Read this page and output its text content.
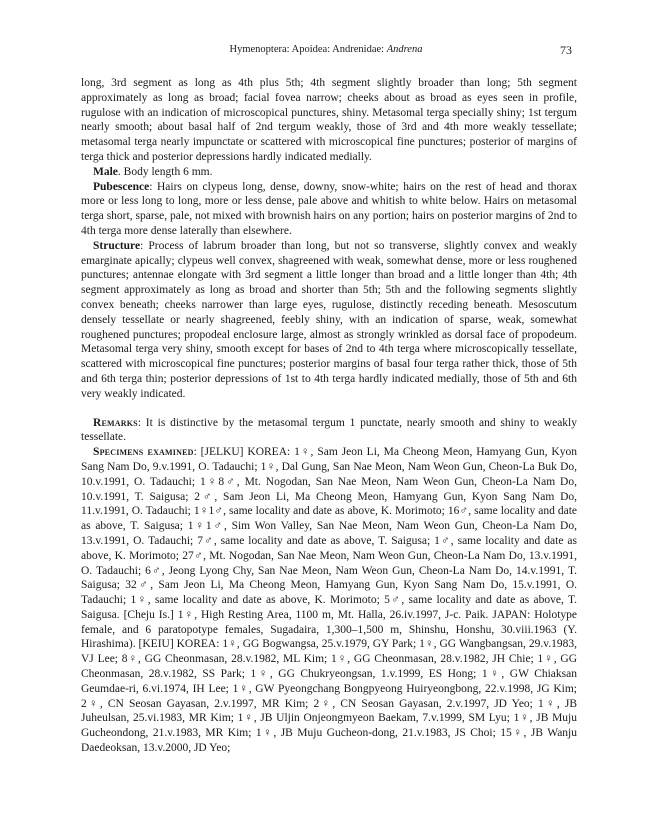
Hymenoptera: Apoidea: Andrenidae: Andrena	73

long, 3rd segment as long as 4th plus 5th; 4th segment slightly broader than long; 5th segment approximately as long as broad; facial fovea narrow; cheeks about as broad as eyes seen in profile, rugulose with an indication of microscopical punctures, shiny. Metasomal terga specially shiny; 1st tergum nearly smooth; about basal half of 2nd tergum weakly, those of 3rd and 4th more weakly tessellate; metasomal terga nearly impunctate or scattered with microscopical fine punctures; posterior of margins of terga thick and posterior depressions hardly indicated medially.

Male. Body length 6 mm.

Pubescence: Hairs on clypeus long, dense, downy, snow-white; hairs on the rest of head and thorax more or less long to long, more or less dense, pale above and whitish to white below. Hairs on metasomal terga short, sparse, pale, not mixed with brownish hairs on any portion; hairs on posterior margins of 2nd to 4th terga more dense laterally than elsewhere.

Structure: Process of labrum broader than long, but not so transverse, slightly convex and weakly emarginate apically; clypeus well convex, shagreened with weak, somewhat dense, more or less roughened punctures; antennae elongate with 3rd segment a little longer than broad and a little longer than 4th; 4th segment approximately as long as broad and shorter than 5th; 5th and the following segments slightly convex beneath; cheeks narrower than large eyes, rugulose, distinctly receding beneath. Mesoscutum densely tessellate or nearly shagreened, feebly shiny, with an indication of sparse, weak, somewhat roughened punctures; propodeal enclosure large, almost as strongly wrinkled as dorsal face of propodeum. Metasomal terga very shiny, smooth except for bases of 2nd to 4th terga where microscopically tessellate, scattered with microscopical fine punctures; posterior margins of basal four terga rather thick, those of 5th and 6th terga thin; posterior depressions of 1st to 4th terga hardly indicated medially, those of 5th and 6th very weakly indicated.

Remarks: It is distinctive by the metasomal tergum 1 punctate, nearly smooth and shiny to weakly tessellate.

Specimens examined: [JELKU] KOREA: 1♀, Sam Jeon Li, Ma Cheong Meon, Hamyang Gun, Kyon Sang Nam Do, 9.v.1991, O. Tadauchi; 1♀, Dal Gung, San Nae Meon, Nam Weon Gun, Cheon-La Buk Do, 10.v.1991, O. Tadauchi; 1♀8♂, Mt. Nogodan, San Nae Meon, Nam Weon Gun, Cheon-La Nam Do, 10.v.1991, T. Saigusa; 2♂, Sam Jeon Li, Ma Cheong Meon, Hamyang Gun, Kyon Sang Nam Do, 11.v.1991, O. Tadauchi; 1♀1♂, same locality and date as above, K. Morimoto; 16♂, same locality and date as above, T. Saigusa; 1♀1♂, Sim Won Valley, San Nae Meon, Nam Weon Gun, Cheon-La Nam Do, 13.v.1991, O. Tadauchi; 7♂, same locality and date as above, T. Saigusa; 1♂, same locality and date as above, K. Morimoto; 27♂, Mt. Nogodan, San Nae Meon, Nam Weon Gun, Cheon-La Nam Do, 13.v.1991, O. Tadauchi; 6♂, Jeong Lyong Chy, San Nae Meon, Nam Weon Gun, Cheon-La Nam Do, 14.v.1991, T. Saigusa; 32♂, Sam Jeon Li, Ma Cheong Meon, Hamyang Gun, Kyon Sang Nam Do, 15.v.1991, O. Tadauchi; 1♀, same locality and date as above, K. Morimoto; 5♂, same locality and date as above, T. Saigusa. [Cheju Is.] 1♀, High Resting Area, 1100 m, Mt. Halla, 26.iv.1997, J-c. Paik. JAPAN: Holotype female, and 6 paratopotype females, Sugadaira, 1,300–1,500 m, Shinshu, Honshu, 30.viii.1963 (Y. Hirashima). [KEIU] KOREA: 1♀, GG Bogwangsa, 25.v.1979, GY Park; 1♀, GG Wangbangsan, 29.v.1983, VJ Lee; 8♀, GG Cheonmasan, 28.v.1982, ML Kim; 1♀, GG Cheonmasan, 28.v.1982, JH Chie; 1♀, GG Cheonmasan, 28.v.1982, SS Park; 1♀, GG Chukryeongsan, 1.v.1999, ES Hong; 1♀, GW Chiaksan Geumdae-ri, 6.vi.1974, IH Lee; 1♀, GW Pyeongchang Bongpyeong Huiryeongbong, 22.v.1998, JG Kim; 2♀, CN Seosan Gayasan, 2.v.1997, MR Kim; 2♀, CN Seosan Gayasan, 2.v.1997, JD Yeo; 1♀, JB Juheulsan, 25.vi.1983, MR Kim; 1♀, JB Uljin Onjeongmyeon Baekam, 7.v.1999, SM Lyu; 1♀, JB Muju Gucheondong, 21.v.1983, MR Kim; 1♀, JB Muju Gucheon-dong, 21.v.1983, JS Choi; 15♀, JB Wanju Daedeoksan, 13.v.2000, JD Yeo;
